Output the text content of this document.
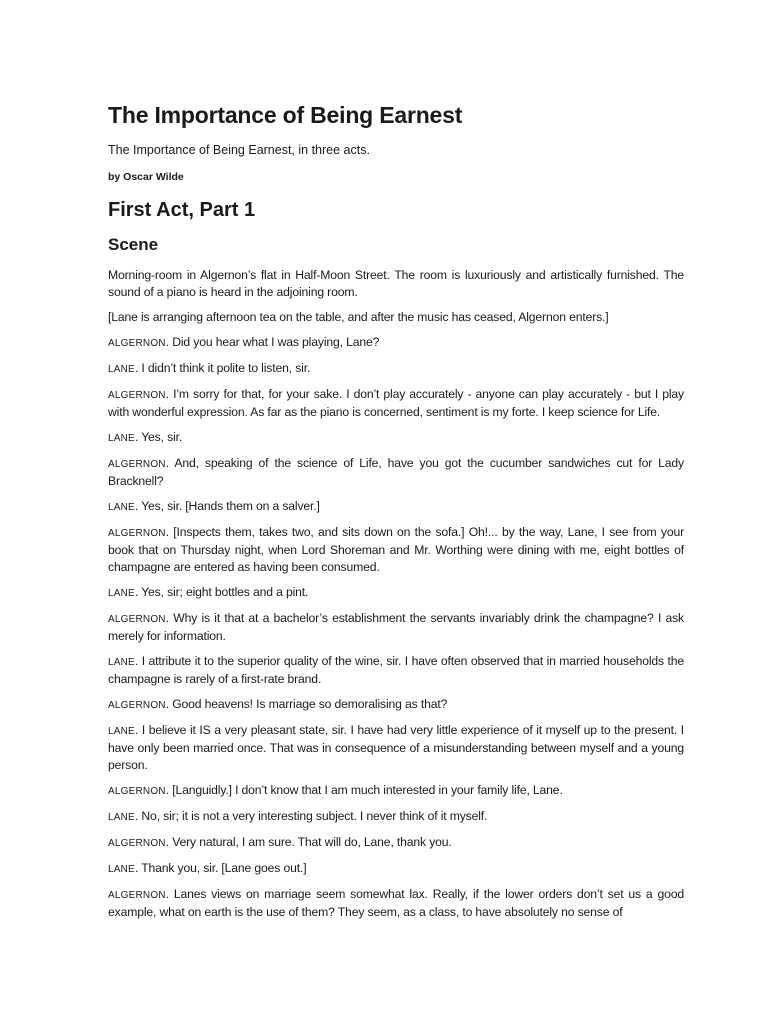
The Importance of Being Earnest

The Importance of Being Earnest, in three acts.

by Oscar Wilde

First Act, Part 1
Scene

Morning-room in Algernon’s flat in Half-Moon Street. The room is luxuriously and artistically furnished. The sound of a piano is heard in the adjoining room.

[Lane is arranging afternoon tea on the table, and after the music has ceased, Algernon enters.]

ALGERNON. Did you hear what I was playing, Lane?

LANE. I didn’t think it polite to listen, sir.

ALGERNON. I’m sorry for that, for your sake. I don’t play accurately - anyone can play accurately - but I play with wonderful expression. As far as the piano is concerned, sentiment is my forte. I keep science for Life.

LANE. Yes, sir.

ALGERNON. And, speaking of the science of Life, have you got the cucumber sandwiches cut for Lady Bracknell?

LANE. Yes, sir. [Hands them on a salver.]

ALGERNON. [Inspects them, takes two, and sits down on the sofa.] Oh!... by the way, Lane, I see from your book that on Thursday night, when Lord Shoreman and Mr. Worthing were dining with me, eight bottles of champagne are entered as having been consumed.

LANE. Yes, sir; eight bottles and a pint.

ALGERNON. Why is it that at a bachelor’s establishment the servants invariably drink the champagne? I ask merely for information.

LANE. I attribute it to the superior quality of the wine, sir. I have often observed that in married households the champagne is rarely of a first-rate brand.

ALGERNON. Good heavens! Is marriage so demoralising as that?

LANE. I believe it IS a very pleasant state, sir. I have had very little experience of it myself up to the present. I have only been married once. That was in consequence of a misunderstanding between myself and a young person.

ALGERNON. [Languidly.] I don’t know that I am much interested in your family life, Lane.

LANE. No, sir; it is not a very interesting subject. I never think of it myself.

ALGERNON. Very natural, I am sure. That will do, Lane, thank you.

LANE. Thank you, sir. [Lane goes out.]

ALGERNON. Lanes views on marriage seem somewhat lax. Really, if the lower orders don’t set us a good example, what on earth is the use of them? They seem, as a class, to have absolutely no sense of
